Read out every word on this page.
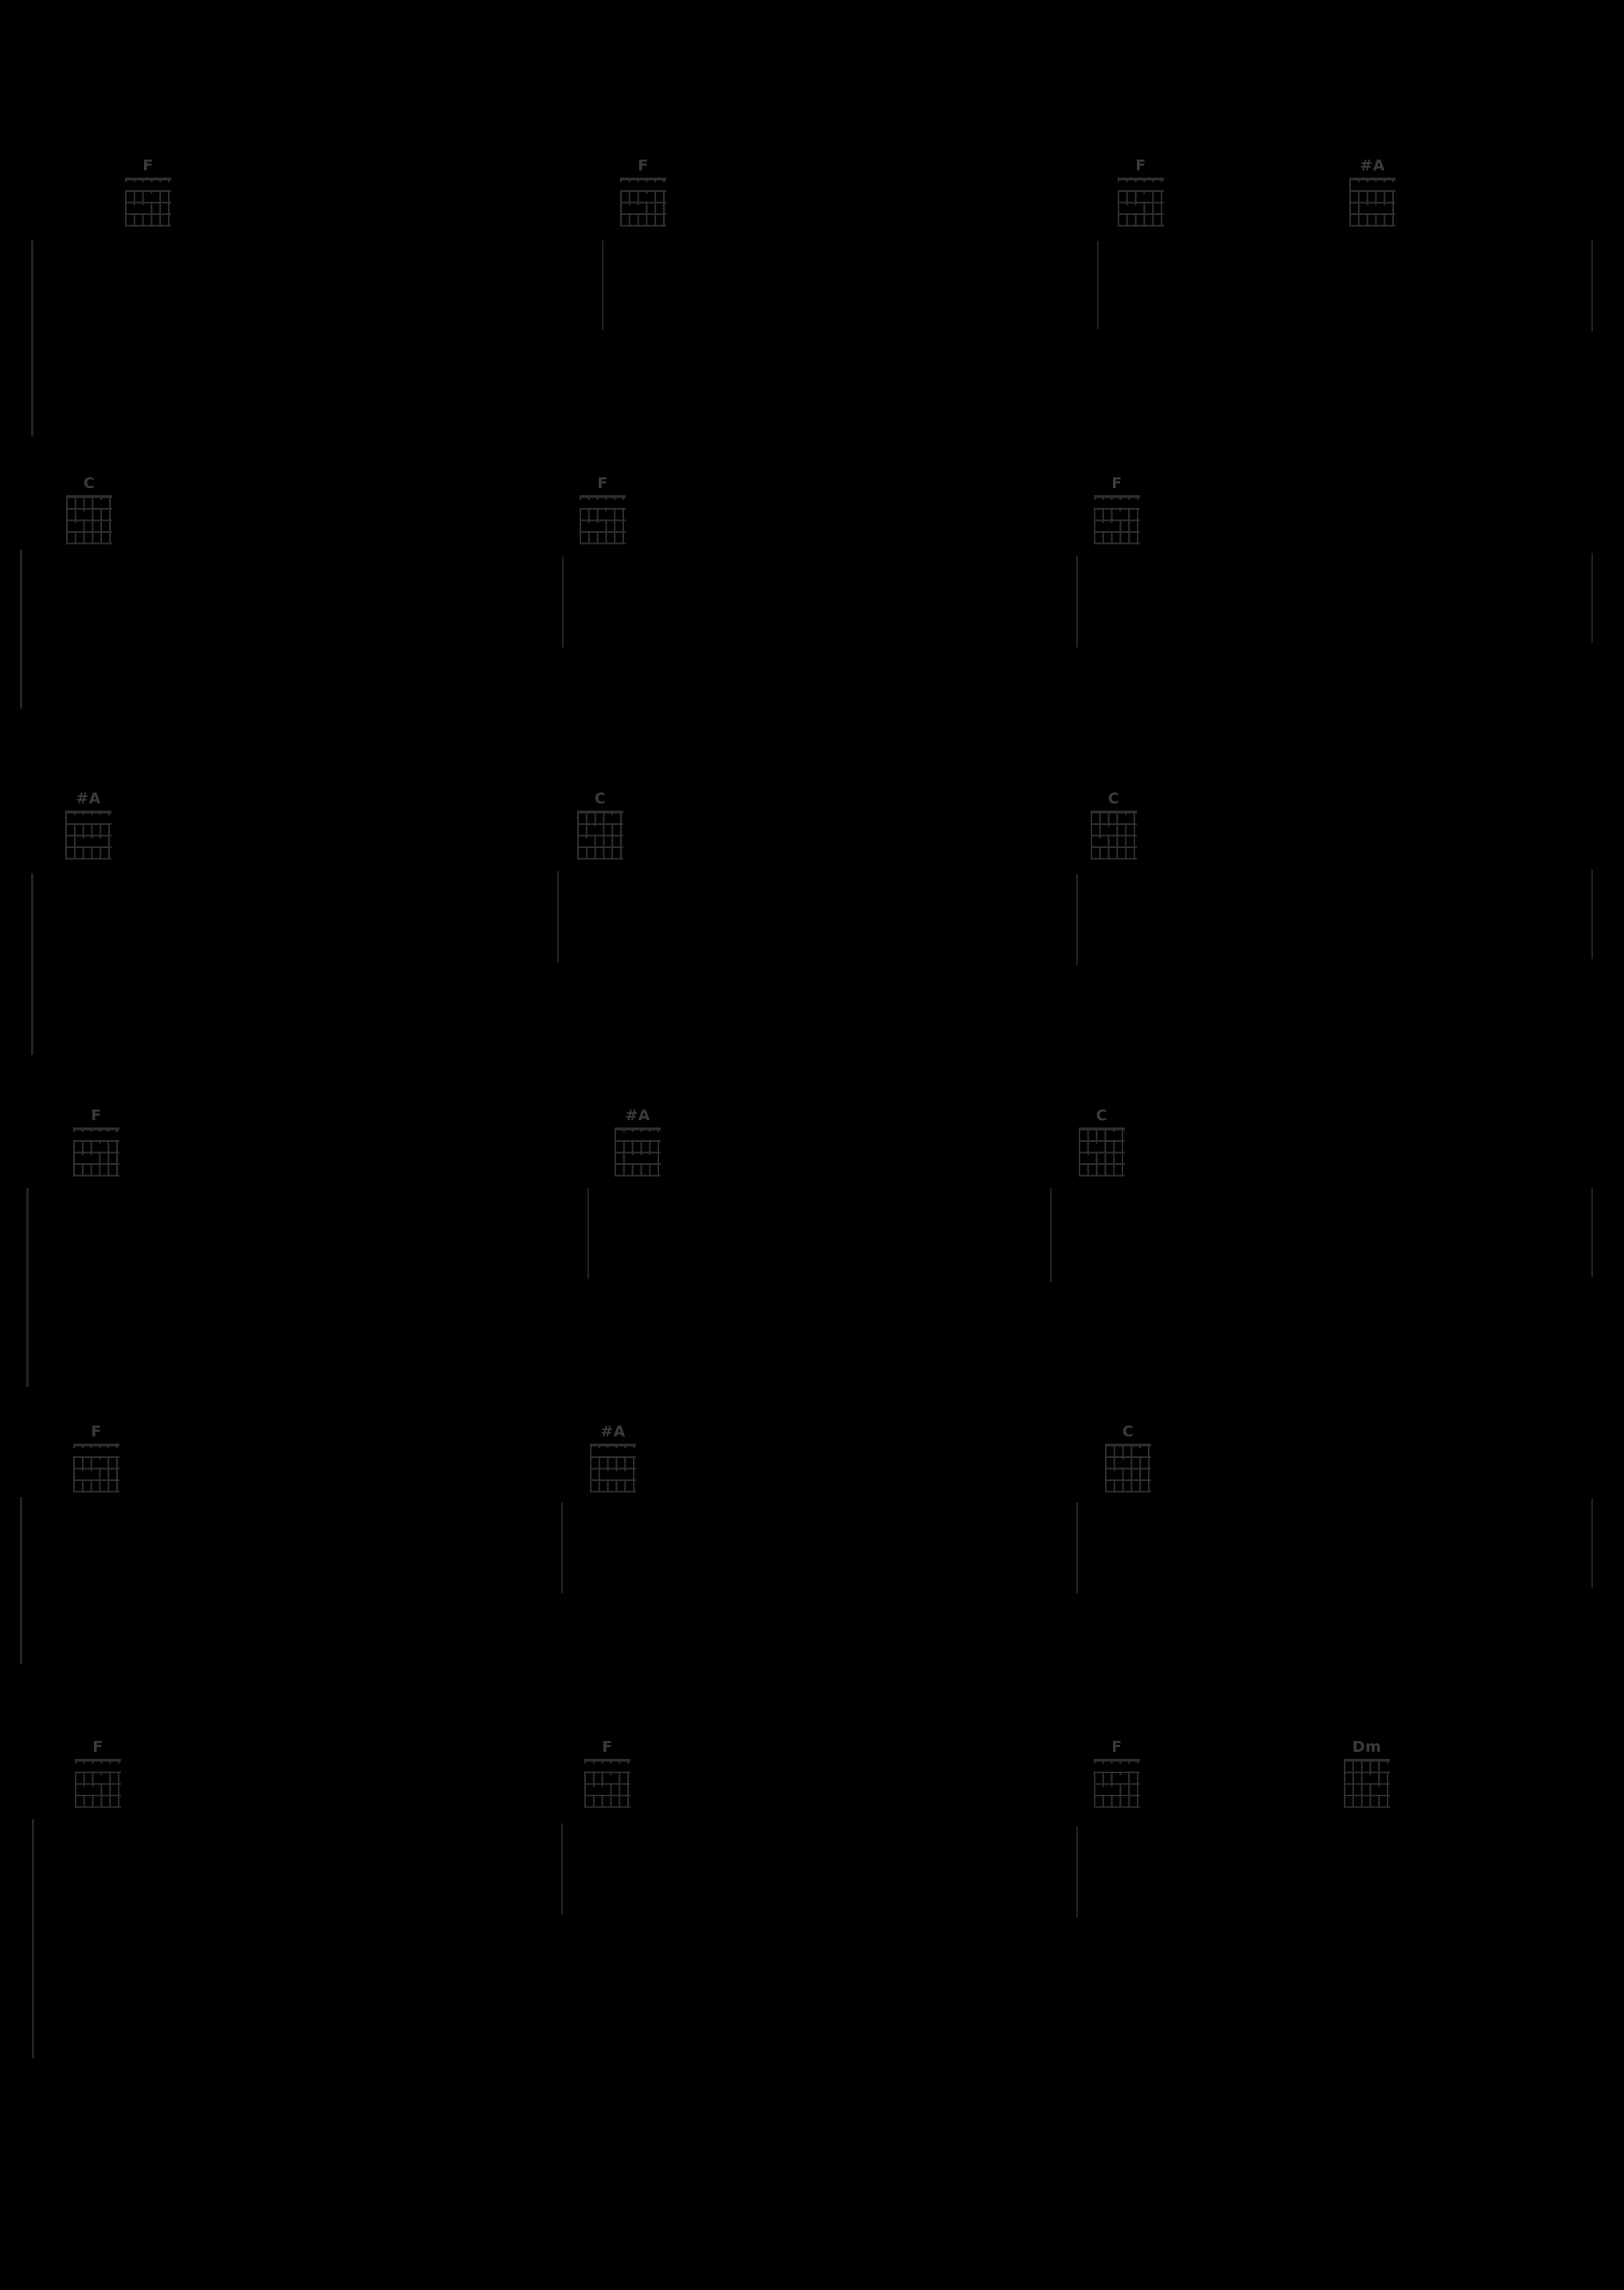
F	F	F	#A
C	F	F
#A	C	C
F	#A	C
F	#A	C
F	F	F	Dm
